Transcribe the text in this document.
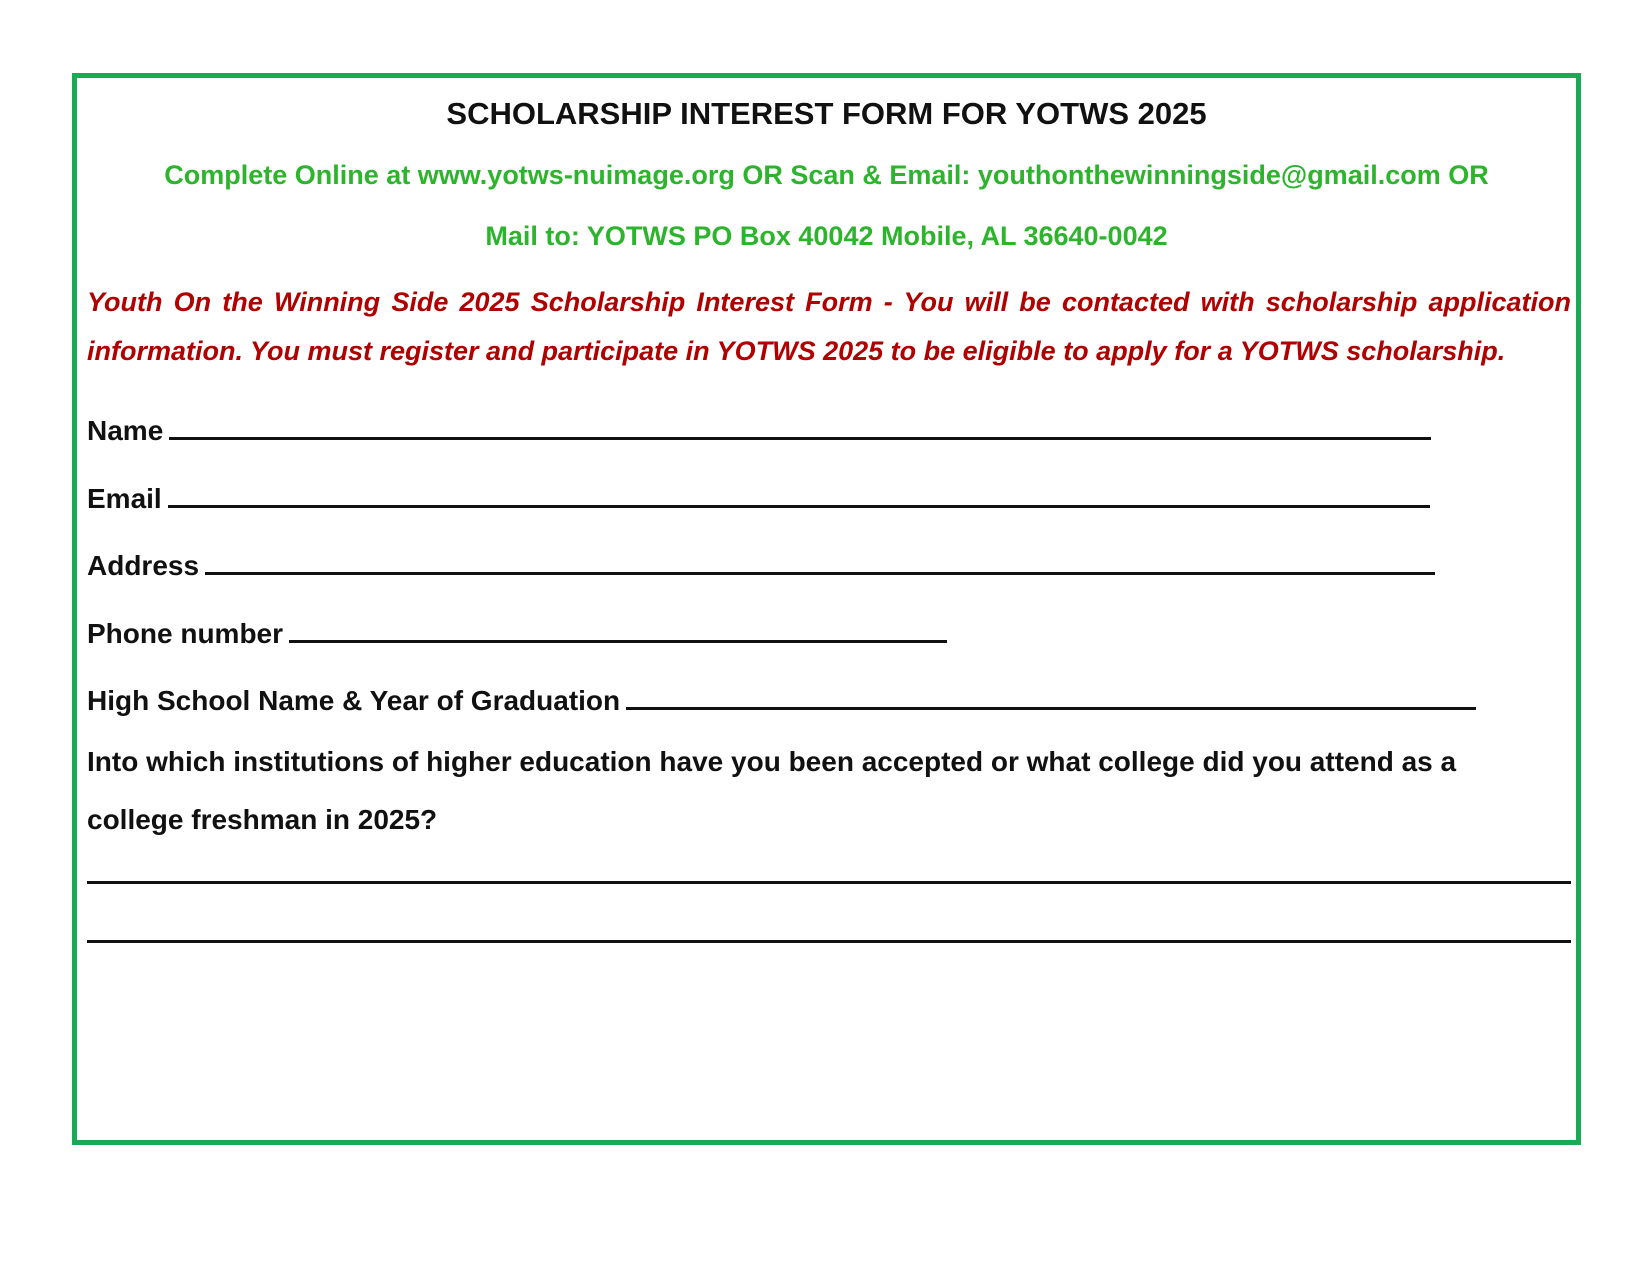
SCHOLARSHIP INTEREST FORM FOR YOTWS 2025
Complete Online at www.yotws-nuimage.org OR Scan & Email: youthonthewinningside@gmail.com OR
Mail to: YOTWS PO Box 40042 Mobile, AL 36640-0042
Youth On the Winning Side 2025 Scholarship Interest Form - You will be contacted with scholarship application information. You must register and participate in YOTWS 2025 to be eligible to apply for a YOTWS scholarship.
Name
Email
Address
Phone number
High School Name & Year of Graduation
Into which institutions of higher education have you been accepted or what college did you attend as a college freshman in 2025?
